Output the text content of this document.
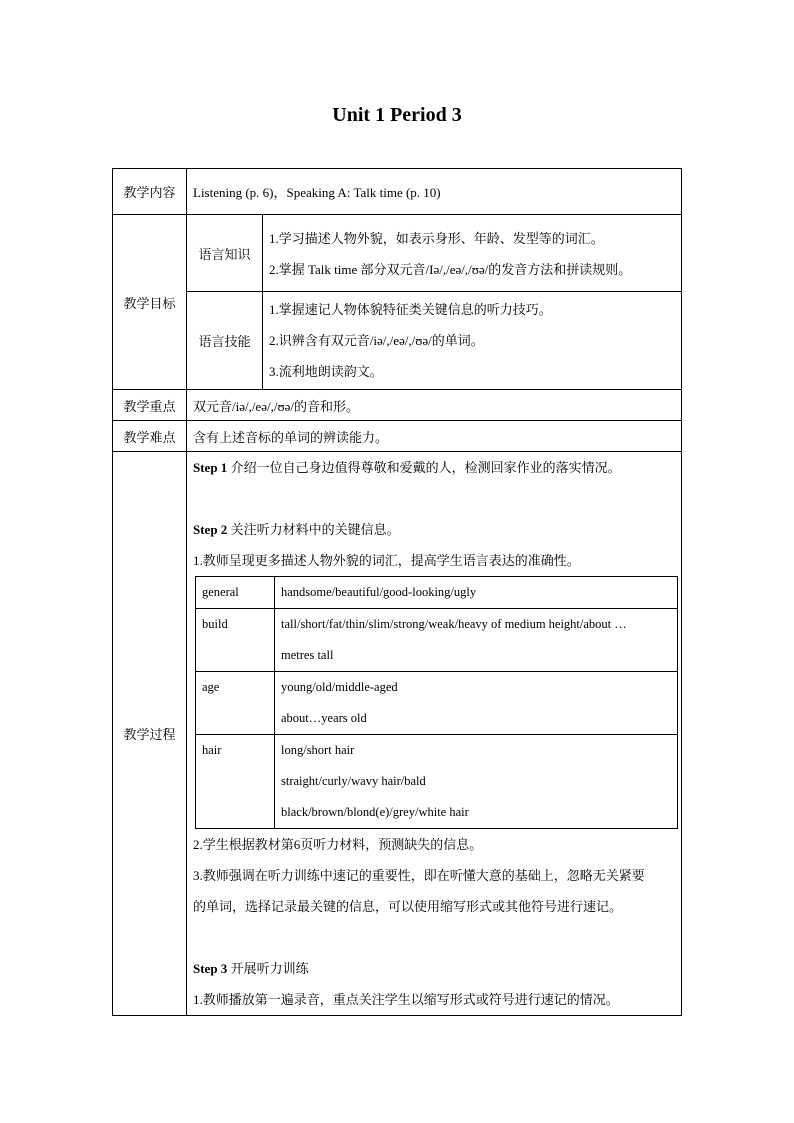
Unit 1 Period 3
教学内容	Listening (p. 6)，Speaking A: Talk time (p. 10)
教学目标	语言知识	
1.学习描述人物外貌，如表示身形、年龄、发型等的词汇。
2.掌握 Talk time 部分双元音/Iə/,/eə/,/ʊə/的发音方法和拼读规则。

语言技能	
1.掌握速记人物体貌特征类关键信息的听力技巧。
2.识辨含有双元音/iə/,/eə/,/ʊə/的单词。
3.流利地朗读韵文。

教学重点	双元音/iə/,/eə/,/ʊə/的音和形。
教学难点	含有上述音标的单词的辨读能力。
教学过程	
Step 1 介绍一位自己身边值得尊敬和爱戴的人，检测回家作业的落实情况。
Step 2 关注听力材料中的关键信息。
1.教师呈现更多描述人物外貌的词汇，提高学生语言表达的准确性。
general	handsome/beautiful/good-looking/ugly

build	tall/short/fat/thin/slim/strong/weak/heavy of medium height/about …
metres tall

age	young/old/middle-aged
about…years old

hair	long/short hair
straight/curly/wavy hair/bald
black/brown/blond(e)/grey/white hair
2.学生根据教材第6页听力材料，预测缺失的信息。
3.教师强调在听力训练中速记的重要性，即在听懂大意的基础上，忽略无关紧要
的单词，选择记录最关键的信息，可以使用缩写形式或其他符号进行速记。
Step 3 开展听力训练
1.教师播放第一遍录音，重点关注学生以缩写形式或符号进行速记的情况。
